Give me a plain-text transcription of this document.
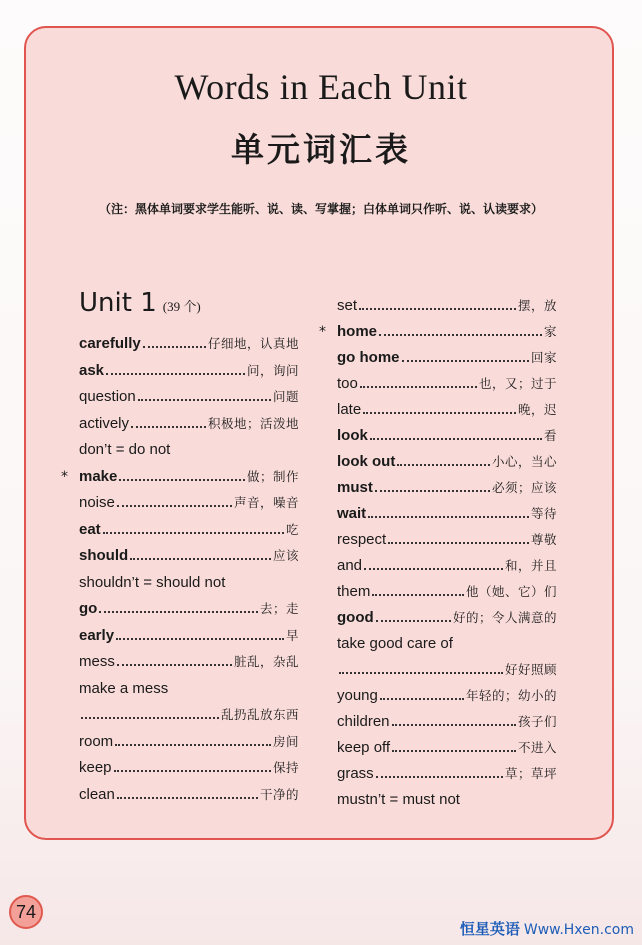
Words in Each Unit
单元词汇表
（注：黑体单词要求学生能听、说、读、写掌握；白体单词只作听、说、认读要求）
Unit 1 (39 个)
carefully	仔细地，认真地
ask	问，询问
question	问题
actively	积极地；活泼地
don’t = do not
* make	做；制作
noise	声音，噪音
eat	吃
should	应该
shouldn’t = should not
go	去；走
early	早
mess	脏乱，杂乱
make a mess
乱扔乱放东西
room	房间
keep	保持
clean	干净的
set	摆，放
* home	家
go home	回家
too	也，又；过于
late	晚，迟
look	看
look out	小心，当心
must	必须；应该
wait	等待
respect	尊敬
and	和，并且
them	他（她、它）们
good	好的；令人满意的
take good care of
好好照顾
young	年轻的；幼小的
children	孩子们
keep off	不进入
grass	草；草坪
mustn’t = must not
74
恒星英语 Www.Hxen.com
